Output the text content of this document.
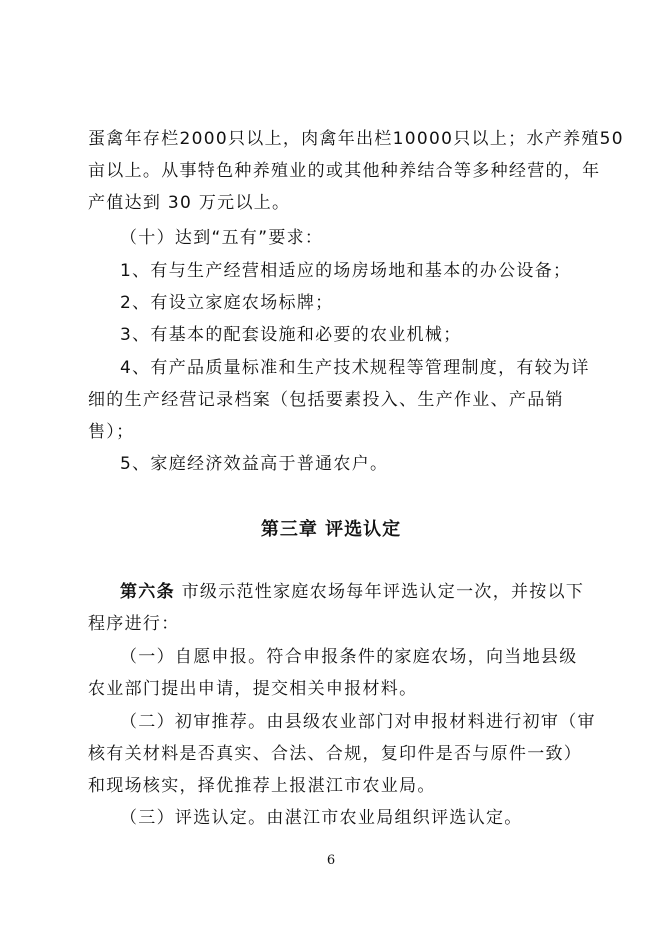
蛋禽年存栏2000只以上，肉禽年出栏10000只以上；水产养殖50
亩以上。从事特色种养殖业的或其他种养结合等多种经营的，年
产值达到 30 万元以上。
（十）达到“五有”要求：
1、有与生产经营相适应的场房场地和基本的办公设备；
2、有设立家庭农场标牌；
3、有基本的配套设施和必要的农业机械；
4、有产品质量标准和生产技术规程等管理制度，有较为详
细的生产经营记录档案（包括要素投入、生产作业、产品销
售）；
5、家庭经济效益高于普通农户。
第三章 评选认定
第六条 市级示范性家庭农场每年评选认定一次，并按以下
程序进行：
（一）自愿申报。符合申报条件的家庭农场，向当地县级
农业部门提出申请，提交相关申报材料。
（二）初审推荐。由县级农业部门对申报材料进行初审（审
核有关材料是否真实、合法、合规，复印件是否与原件一致）
和现场核实，择优推荐上报湛江市农业局。
（三）评选认定。由湛江市农业局组织评选认定。
6
